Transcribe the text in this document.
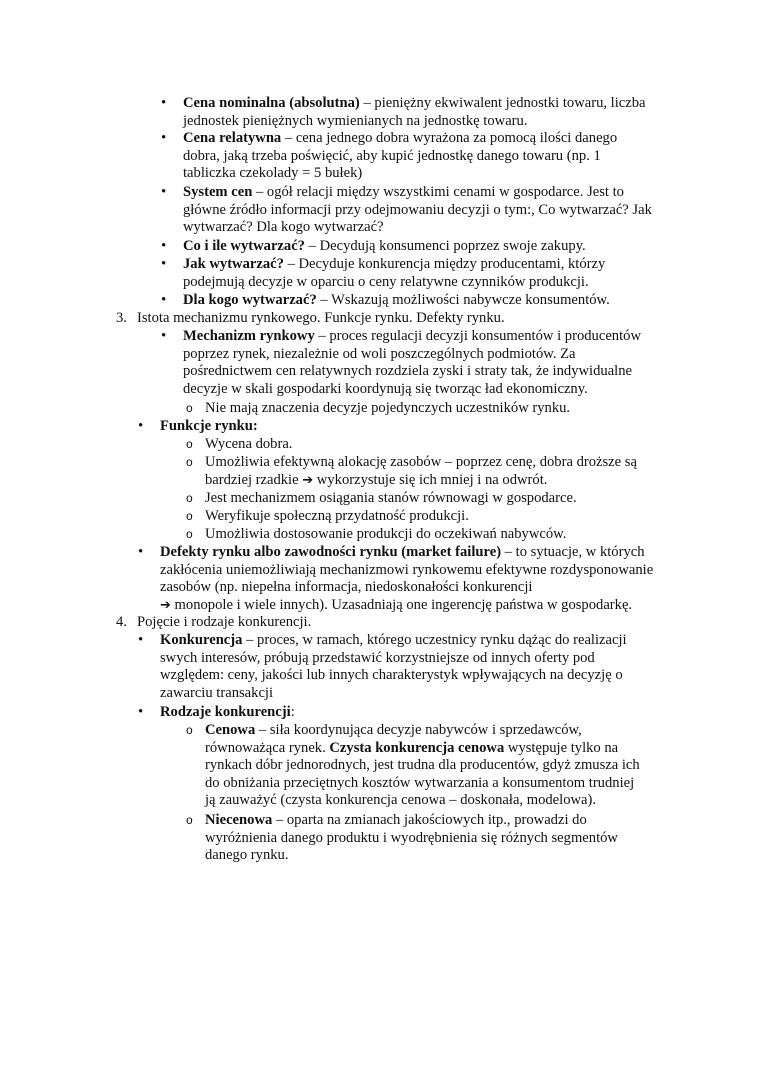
• Cena nominalna (absolutna) – pieniężny ekwiwalent jednostki towaru, liczba jednostek pieniężnych wymienianych na jednostkę towaru.

• Cena relatywna – cena jednego dobra wyrażona za pomocą ilości danego dobra, jaką trzeba poświęcić, aby kupić jednostkę danego towaru (np. 1 tabliczka czekolady = 5 bułek)

• System cen – ogół relacji między wszystkimi cenami w gospodarce. Jest to główne źródło informacji przy odejmowaniu decyzji o tym:, Co wytwarzać? Jak wytwarzać? Dla kogo wytwarzać?

• Co i ile wytwarzać? – Decydują konsumenci poprzez swoje zakupy.

• Jak wytwarzać? – Decyduje konkurencja między producentami, którzy podejmują decyzje w oparciu o ceny relatywne czynników produkcji.

• Dla kogo wytwarzać? – Wskazują możliwości nabywcze konsumentów.

3. Istota mechanizmu rynkowego. Funkcje rynku. Defekty rynku.

• Mechanizm rynkowy – proces regulacji decyzji konsumentów i producentów poprzez rynek, niezależnie od woli poszczególnych podmiotów. Za pośrednictwem cen relatywnych rozdziela zyski i straty tak, że indywidualne decyzje w skali gospodarki koordynują się tworząc ład ekonomiczny.

o Nie mają znaczenia decyzje pojedynczych uczestników rynku.

• Funkcje rynku:

o Wycena dobra.

o Umożliwia efektywną alokację zasobów – poprzez cenę, dobra droższe są bardziej rzadkie ➔ wykorzystuje się ich mniej i na odwrót.

o Jest mechanizmem osiągania stanów równowagi w gospodarce.

o Weryfikuje społeczną przydatność produkcji.

o Umożliwia dostosowanie produkcji do oczekiwań nabywców.

• Defekty rynku albo zawodności rynku (market failure) – to sytuacje, w których zakłócenia uniemożliwiają mechanizmowi rynkowemu efektywne rozdysponowanie zasobów (np. niepełna informacja, niedoskonałości konkurencji
➔ monopole i wiele innych). Uzasadniają one ingerencję państwa w gospodarkę.

4. Pojęcie i rodzaje konkurencji.

• Konkurencja – proces, w ramach, którego uczestnicy rynku dążąc do realizacji swych interesów, próbują przedstawić korzystniejsze od innych oferty pod względem: ceny, jakości lub innych charakterystyk wpływających na decyzję o zawarciu transakcji

• Rodzaje konkurencji:

o Cenowa – siła koordynująca decyzje nabywców i sprzedawców, równoważąca rynek. Czysta konkurencja cenowa występuje tylko na rynkach dóbr jednorodnych, jest trudna dla producentów, gdyż zmusza ich do obniżania przeciętnych kosztów wytwarzania a konsumentom trudniej ją zauważyć (czysta konkurencja cenowa – doskonała, modelowa).

o Niecenowa – oparta na zmianach jakościowych itp., prowadzi do wyróżnienia danego produktu i wyodrębnienia się różnych segmentów danego rynku.
